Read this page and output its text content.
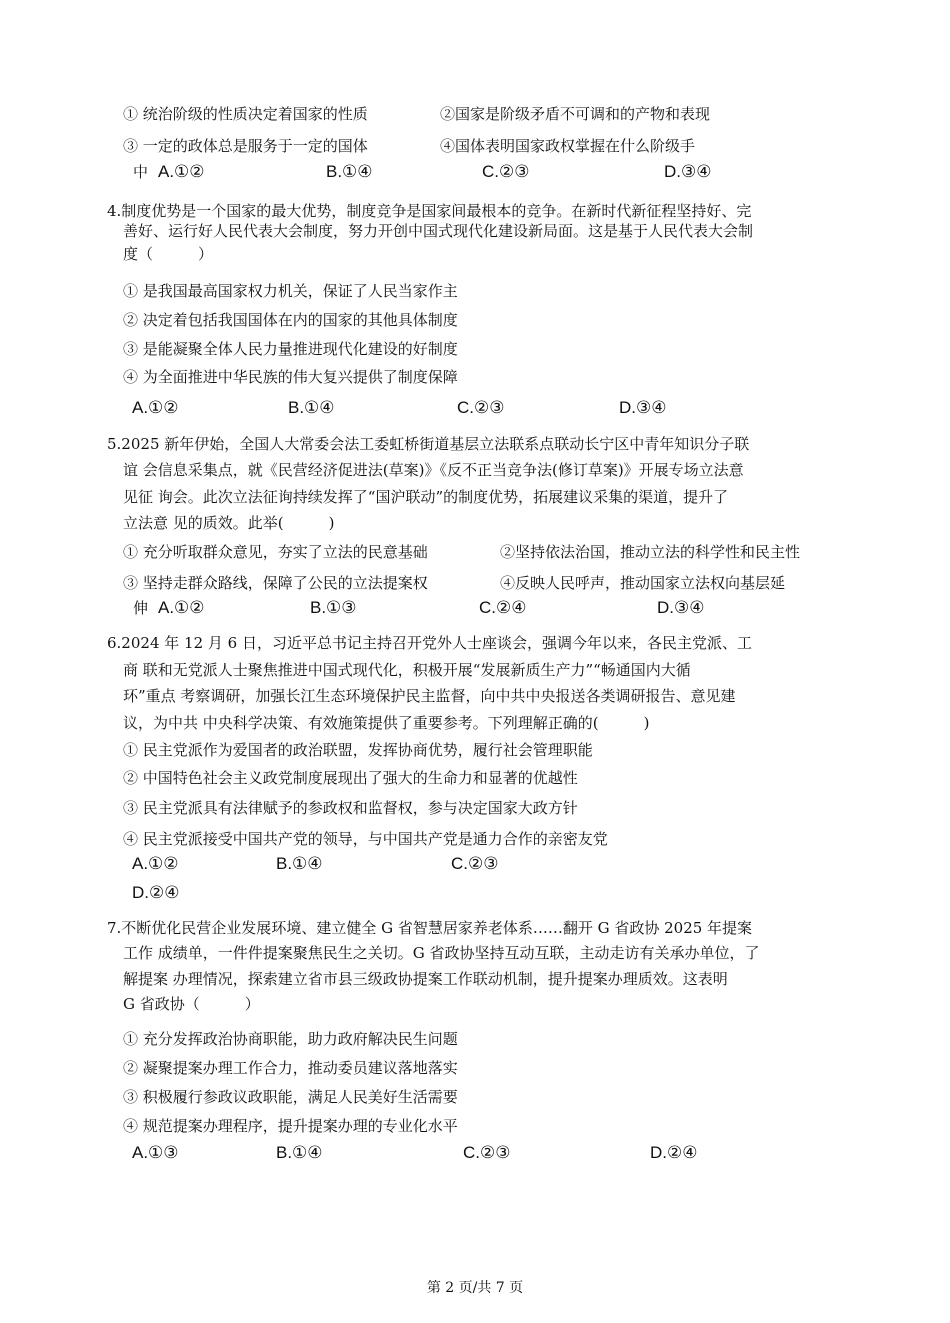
① 统治阶级的性质决定着国家的性质	②国家是阶级矛盾不可调和的产物和表现
③ 一定的政体总是服务于一定的国体	④国体表明国家政权掌握在什么阶级手
中 A.①②	B.①④	C.②③	D.③④
4.制度优势是一个国家的最大优势，制度竞争是国家间最根本的竞争。在新时代新征程坚持好、完
善好、运行好人民代表大会制度，努力开创中国式现代化建设新局面。这是基于人民代表大会制
度（　　　）
① 是我国最高国家权力机关，保证了人民当家作主
② 决定着包括我国国体在内的国家的其他具体制度
③ 是能凝聚全体人民力量推进现代化建设的好制度
④ 为全面推进中华民族的伟大复兴提供了制度保障
A.①②	B.①④	C.②③	D.③④
5.2025 新年伊始，全国人大常委会法工委虹桥街道基层立法联系点联动长宁区中青年知识分子联
谊 会信息采集点，就《民营经济促进法(草案)》《反不正当竞争法(修订草案)》开展专场立法意
见征 询会。此次立法征询持续发挥了“国沪联动”的制度优势，拓展建议采集的渠道，提升了
立法意 见的质效。此举(　　　)
① 充分听取群众意见，夯实了立法的民意基础	②坚持依法治国，推动立法的科学性和民主性
③ 坚持走群众路线，保障了公民的立法提案权	④反映人民呼声，推动国家立法权向基层延
伸 A.①②	B.①③	C.②④	D.③④
6.2024 年 12 月 6 日，习近平总书记主持召开党外人士座谈会，强调今年以来，各民主党派、工
商 联和无党派人士聚焦推进中国式现代化，积极开展“发展新质生产力”“畅通国内大循
环”重点 考察调研，加强长江生态环境保护民主监督，向中共中央报送各类调研报告、意见建
议，为中共 中央科学决策、有效施策提供了重要参考。下列理解正确的(　　　)
① 民主党派作为爱国者的政治联盟，发挥协商优势，履行社会管理职能
② 中国特色社会主义政党制度展现出了强大的生命力和显著的优越性
③ 民主党派具有法律赋予的参政权和监督权，参与决定国家大政方针
④ 民主党派接受中国共产党的领导，与中国共产党是通力合作的亲密友党
A.①②	B.①④	C.②③
D.②④
7.不断优化民营企业发展环境、建立健全 G 省智慧居家养老体系……翻开 G 省政协 2025 年提案
工作 成绩单，一件件提案聚焦民生之关切。G 省政协坚持互动互联，主动走访有关承办单位，了
解提案 办理情况，探索建立省市县三级政协提案工作联动机制，提升提案办理质效。这表明
G 省政协（　　　）
① 充分发挥政治协商职能，助力政府解决民生问题
② 凝聚提案办理工作合力，推动委员建议落地落实
③ 积极履行参政议政职能，满足人民美好生活需要
④ 规范提案办理程序，提升提案办理的专业化水平
A.①③	B.①④	C.②③	D.②④
第 2 页/共 7 页
